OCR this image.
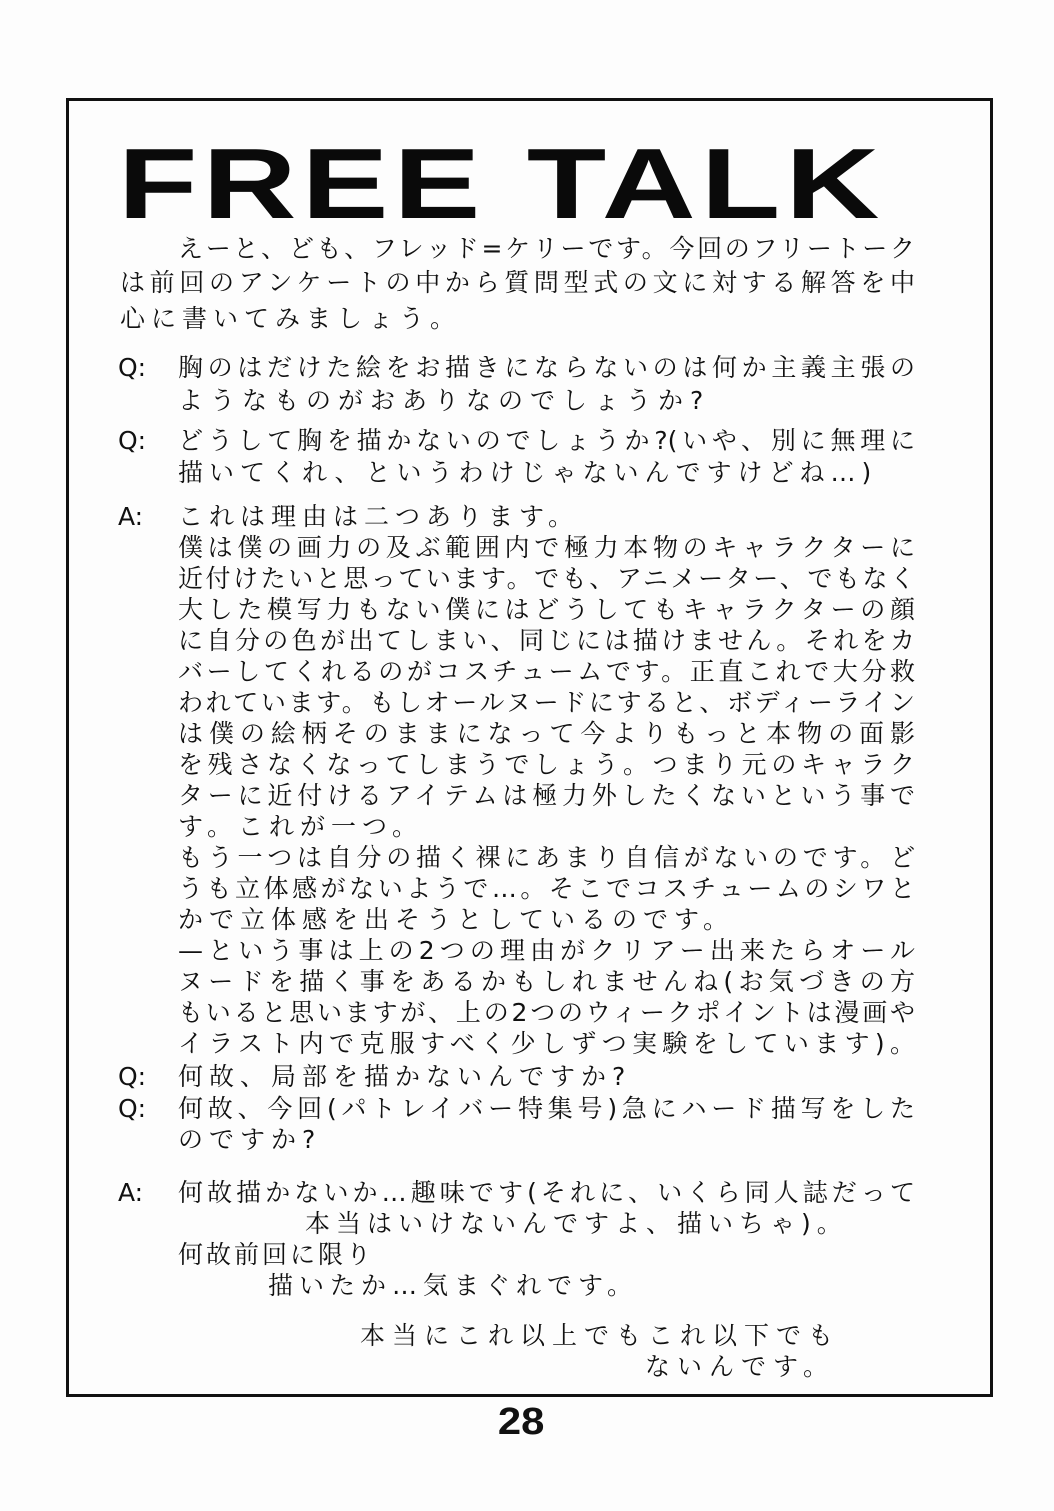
FREE TALK
えーと、ども、フレッド=ケリーです。今回のフリートーク
は前回のアンケートの中から質問型式の文に対する解答を中
心に書いてみましょう。
Q: 胸のはだけた絵をお描きにならないのは何か主義主張の
ようなものがおありなのでしょうか?
Q: どうして胸を描かないのでしょうか?(いや、別に無理に
描いてくれ、というわけじゃないんですけどね…)
A: これは理由は二つあります。
僕は僕の画力の及ぶ範囲内で極力本物のキャラクターに
近付けたいと思っています。でも、アニメーター、でもなく
大した模写力もない僕にはどうしてもキャラクターの顔
に自分の色が出てしまい、同じには描けません。それをカ
バーしてくれるのがコスチュームです。正直これで大分救
われています。もしオールヌードにすると、ボディーライン
は僕の絵柄そのままになって今よりもっと本物の面影
を残さなくなってしまうでしょう。つまり元のキャラク
ターに近付けるアイテムは極力外したくないという事で
す。これが一つ。
もう一つは自分の描く裸にあまり自信がないのです。ど
うも立体感がないようで…。そこでコスチュームのシワと
かで立体感を出そうとしているのです。
—という事は上の2つの理由がクリアー出来たらオール
ヌードを描く事をあるかもしれませんね(お気づきの方
もいると思いますが、上の2つのウィークポイントは漫画や
イラスト内で克服すべく少しずつ実験をしています)。
Q: 何故、局部を描かないんですか?
Q: 何故、今回(パトレイバー特集号)急にハード描写をした
のですか?
A: 何故描かないか…趣味です(それに、いくら同人誌だって
本当はいけないんですよ、描いちゃ)。
何故前回に限り
描いたか…気まぐれです。
本当にこれ以上でもこれ以下でも
ないんです。
28
